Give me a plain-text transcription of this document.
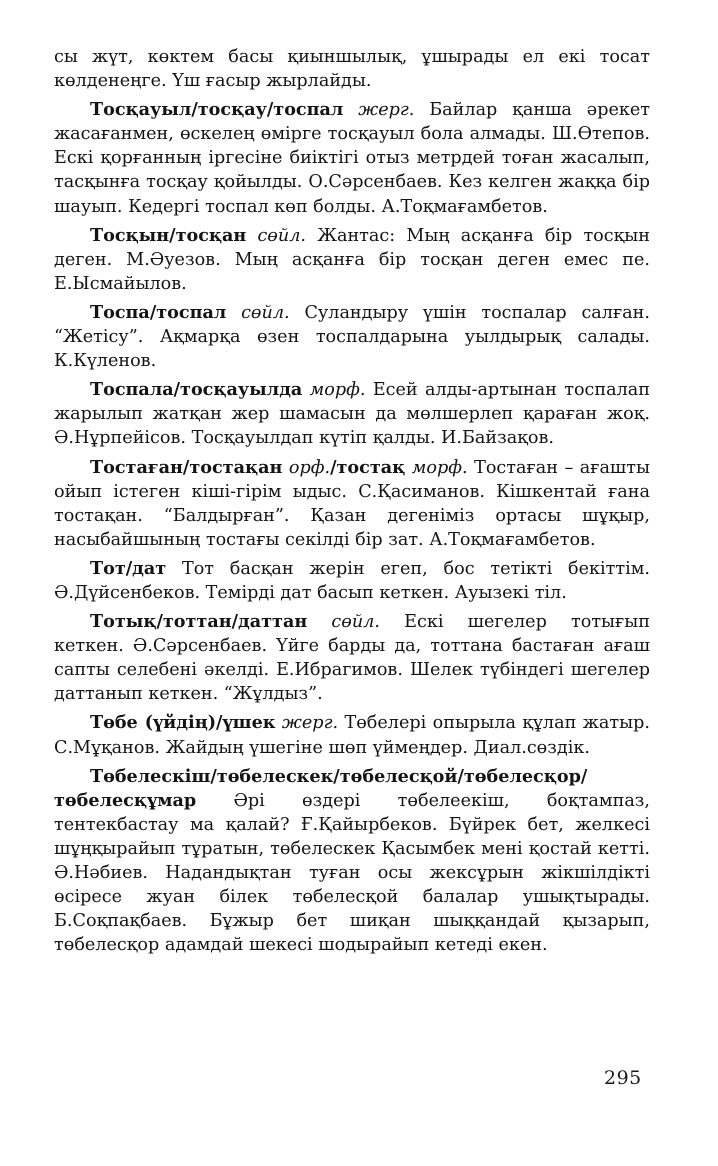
сы жүт, көктем басы қиыншылық, ұшырады ел екі тосат көлденеңге. Үш ғасыр жырлайды.

Тосқауыл/тосқау/тоспал жерг. Байлар қанша әрекет жасағанмен, өскелең өмірге тосқауыл бола алмады. Ш.Өтепов. Ескі қорғанның іргесіне биіктігі отыз метрдей тоған жасалып, тасқынға тосқау қойылды. О.Сәрсенбаев. Кез келген жаққа бір шауып. Кедергі тоспал көп болды. А.Тоқмағамбетов.

Тосқын/тосқан сөйл. Жантас: Мың асқанға бір тосқын деген. М.Әуезов. Мың асқанға бір тосқан деген емес пе. Е.Ысмайылов.

Тоспа/тоспал сөйл. Суландыру үшін тоспалар салған. “Жетісу”. Ақмарқа өзен тоспалдарына уылдырық салады. К.Күленов.

Тоспала/тосқауылда морф. Есей алды-артынан тоспалап жарылып жатқан жер шамасын да мөлшерлеп қараған жоқ. Ә.Нұрпейісов. Тосқауылдап күтіп қалды. И.Байзақов.

Тостаған/тостақан орф./тостақ морф. Тостаған – ағашты ойып істеген кіші-гірім ыдыс. С.Қасиманов. Кішкентай ғана тостақан. “Балдырған”. Қазан дегеніміз ортасы шұқыр, насыбайшының тостағы секілді бір зат. А.Тоқмағамбетов.

Тот/дат Тот басқан жерін егеп, бос тетікті бекіттім. Ә.Дүйсенбеков. Темірді дат басып кеткен. Ауызекі тіл.

Тотық/тоттан/даттан сөйл. Ескі шегелер тотығып кеткен. Ә.Сәрсенбаев. Үйге барды да, тоттана бастаған ағаш сапты селебені әкелді. Е.Ибрагимов. Шелек түбіндегі шегелер даттанып кеткен. “Жұлдыз”.

Төбе (үйдің)/үшек жерг. Төбелері опырыла құлап жатыр. С.Мұқанов. Жайдың үшегіне шөп үймеңдер. Диал.сөздік.

Төбелескіш/төбелескек/төбелесқой/төбелесқор/төбелесқұмар Әрі өздері төбелеекіш, боқтампаз, тентекбастау ма қалай? Ғ.Қайырбеков. Бүйрек бет, желкесі шұңқырайып тұратын, төбелескек Қасымбек мені қостай кетті. Ә.Нәбиев. Надандықтан туған осы жексұрын жікшілдікті өсіресе жуан білек төбелесқой балалар ушықтырады. Б.Соқпақбаев. Бұжыр бет шиқан шыққандай қызарып, төбелесқор адамдай шекесі шодырайып кетеді екен.

295
